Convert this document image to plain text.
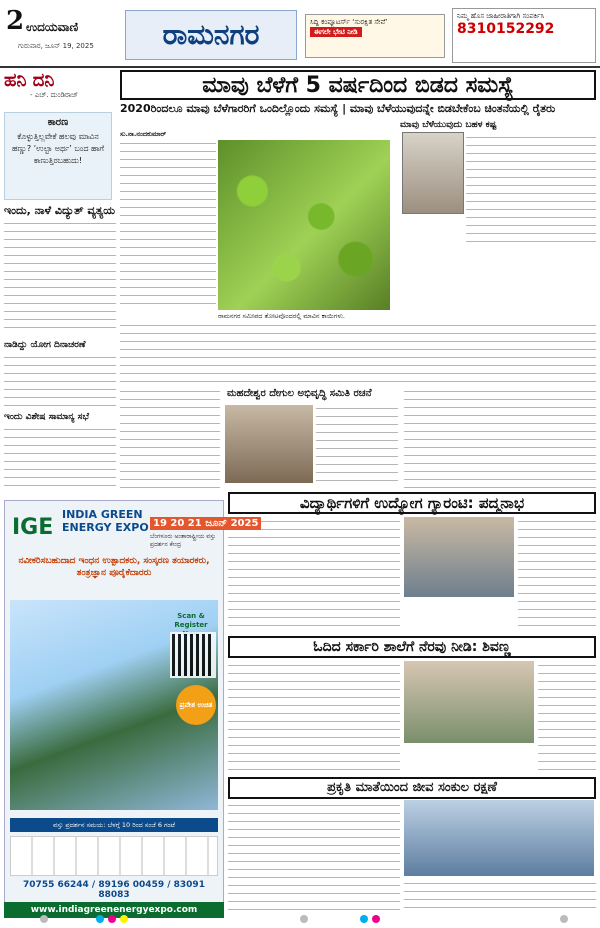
2 ಉದಯವಾಣಿ
ಗುರುವಾರ, ಜೂನ್ 19, 2025	ರಾಮನಗರ	ಸಿದ್ದಿ ಕಂಪ್ಯೂಟರ್ಸ್ ‘ಸುರಕ್ಷಿತ ಸೇವೆ’
ಈಗಲೇ ಭೇಟಿ ನೀಡಿ
ನಿಮ್ಮ ಹೊಸ ಜಾಹೀರಾತಿಗಾಗಿ ಸಂಪರ್ಕಿಸಿ
8310152292
ಹನಿ ದನಿ
- ಎಚ್. ದುಂಡಿರಾಜ್
ಕಾರಣ
ಕೊಳ್ಳುತ್ತಿಲ್ಲವೇಕೆ ಹಲವು ಮಾವಿನ ಹಣ್ಣು? ‘ಉಲ್ಟಾ ಅರ್ಥ’ ಬಂದ ಹಾಗೆ ಕಾಣುತ್ತಿರಬಹುದು!
ಇಂದು, ನಾಳೆ ವಿದ್ಯುತ್ ವ್ಯತ್ಯಯ
ನಾಡಿದ್ದು ಯೋಗ ದಿನಾಚರಣೆ
ಇಂದು ವಿಶೇಷ ಸಾಮಾನ್ಯ ಸಭೆ
ಮಾವು ಬೆಳೆಗೆ 5 ವರ್ಷದಿಂದ ಬಿಡದ ಸಮಸ್ಯೆ
2020ರಿಂದಲೂ ಮಾವು ಬೆಳೆಗಾರರಿಗೆ ಒಂದಿಲ್ಲೊಂದು ಸಮಸ್ಯೆ | ಮಾವು ಬೆಳೆಯುವುದನ್ನೇ ಬಿಡಬೇಕೆಂಬ ಚಿಂತನೆಯಲ್ಲಿ ರೈತರು
ಸು.ನಾ.ನಂದಕುಮಾರ್
ರಾಮನಗರ ಸಮೀಪದ ತೋಟವೊಂದರಲ್ಲಿ ಮಾವಿನ ಕಾಯಿಗಳು.
ಮಾವು ಬೆಳೆಯುವುದು ಬಹಳ ಕಷ್ಟ
ಮಹದೇಶ್ವರ ದೇಗುಲ ಅಭಿವೃದ್ಧಿ ಸಮಿತಿ ರಚನೆ
ವಿದ್ಯಾರ್ಥಿಗಳಿಗೆ ಉದ್ಯೋಗ ಗ್ಯಾರಂಟಿ: ಪದ್ಮನಾಭ
ಓದಿದ ಸರ್ಕಾರಿ ಶಾಲೆಗೆ ನೆರವು ನೀಡಿ: ಶಿವಣ್ಣ
ಪ್ರಕೃತಿ ಮಾತೆಯಿಂದ ಜೀವ ಸಂಕುಲ ರಕ್ಷಣೆ
IGE
INDIA GREEN ENERGY EXPO 19 20 21 ಜೂನ್ 2025
ಬೆಂಗಳೂರು ಅಂತಾರಾಷ್ಟ್ರೀಯ ವಸ್ತು ಪ್ರದರ್ಶನ ಕೇಂದ್ರ
ನವೀಕರಿಸಬಹುದಾದ ಇಂಧನ ಉತ್ಪಾದಕರು, ಸಂಸ್ಕರಣ ತಯಾರಕರು, ತಂತ್ರಜ್ಞಾನ ಪೂರೈಕೆದಾರರು
Scan & Register
ಪ್ರವೇಶ ಉಚಿತ
ವಸ್ತು ಪ್ರದರ್ಶನ ಸಮಯ: ಬೆಳಗ್ಗೆ 10 ರಿಂದ ಸಂಜೆ 6 ಗಂಟೆ
70755 66244 / 89196 00459 / 83091 88083
www.indiagreenenergyexpo.com
